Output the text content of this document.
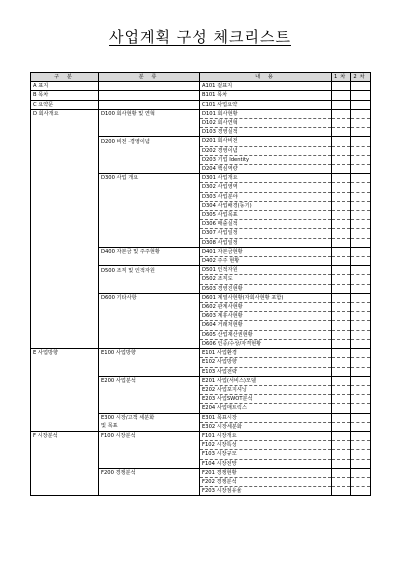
사업계획 구성 체크리스트
구 분	분 류	내 용	1차	2차
A 표지		A101 겉표지		
B 목차		B101 목차		
C 요약문		C101 사업요약		
D 회사개요	D100 회사현황 및 연혁	D101 회사현황		
		D102 회사연혁		
		D103 경영실적		
	D200 비전 ·경영이념	D201 회사비전		
		D202 경영이념		
		D203 기업 Identity		
		D204 핵심역량		
	D300 사업 개요	D301 사업개요		
		D302 사업영역		
		D303 사업분야		
		D304 사업배경(동기)		
		D305 사업목표		
		D306 매출실적		
		D307 사업일정		
		D308 사업일정		
	D400 자본금 및 주주현황	D401 자본금현황		
		D402 주주 현황		
	D500 조직 및 인적자원	D501 인적자원		
		D502 조직도		
		D503 경영진현황		
	D600 기타사항	D601 계열사현황(자회사현황 포함)		
		D602 관계사현황		
		D603 계휴사현황		
		D604 거래처현황		
		D605 산업재산권현황		
		D606 인증/수상/자격현황		
E 사업방향	E100 사업방향	E101 사업환경		
		E102 사업방향		
		E103 사업전략		
	E200 사업분석	E201 사업(서비스)모델		
		E202 사업포지셔닝		
		E203 사업SWOT분석		
		E204 사업매트릭스		
	E300 시장/고객 세분화	E301 목표시장		
	및 목표	E302 시장세분화		
F 시장분석	F100 시장분석	F101 시장개요		
		F102 시장특성		
		F103 시장규모		
		F104 시장전망		
	F200 경쟁분석	F201 경쟁현황		
		F202 경쟁분석		
		F203 시장점유율		
